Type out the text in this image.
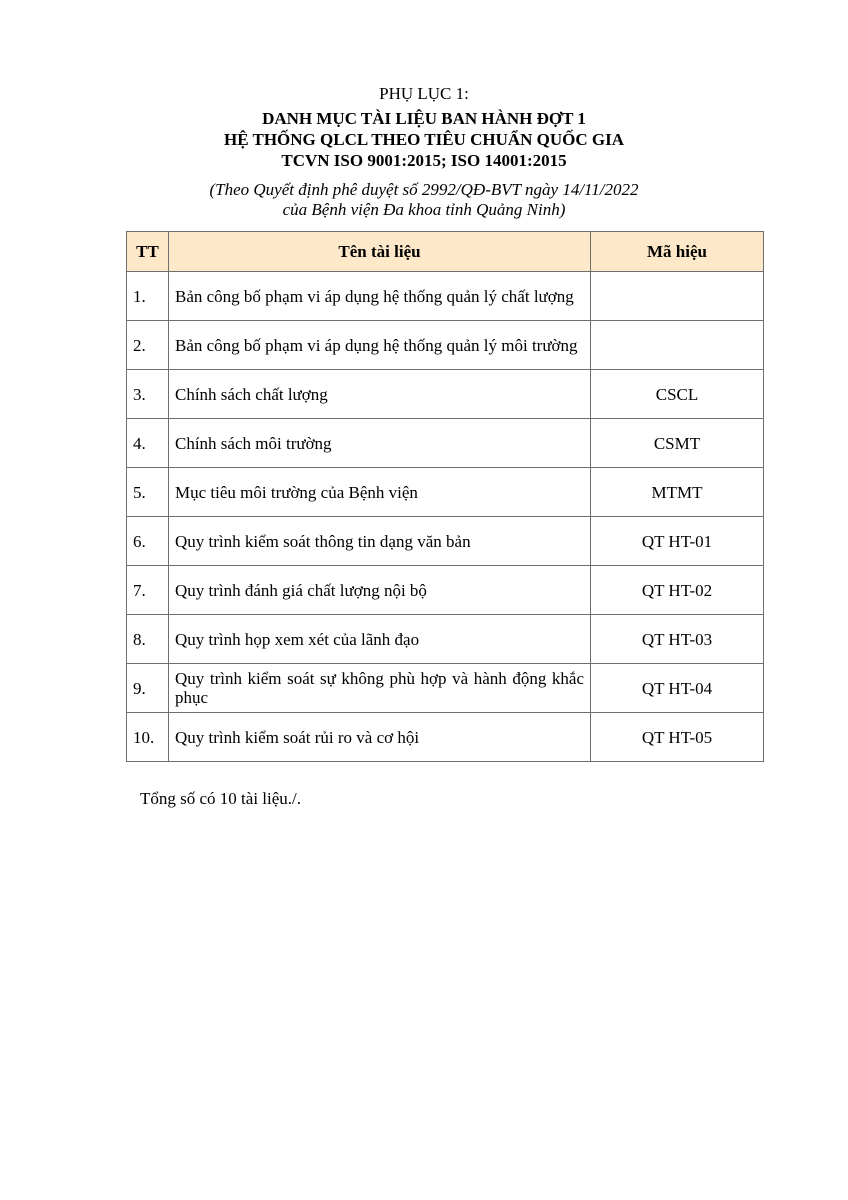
PHỤ LỤC 1:
DANH MỤC TÀI LIỆU BAN HÀNH ĐỢT 1
HỆ THỐNG QLCL THEO TIÊU CHUẨN QUỐC GIA
TCVN ISO 9001:2015; ISO 14001:2015
(Theo Quyết định phê duyệt số 2992/QĐ-BVT ngày 14/11/2022
của Bệnh viện Đa khoa tỉnh Quảng Ninh)
TT	Tên tài liệu	Mã hiệu
1.	Bản công bố phạm vi áp dụng hệ thống quản lý chất lượng	
2.	Bản công bố phạm vi áp dụng hệ thống quản lý môi trường	
3.	Chính sách chất lượng	CSCL
4.	Chính sách môi trường	CSMT
5.	Mục tiêu môi trường của Bệnh viện	MTMT
6.	Quy trình kiểm soát thông tin dạng văn bản	QT HT-01
7.	Quy trình đánh giá chất lượng nội bộ	QT HT-02
8.	Quy trình họp xem xét của lãnh đạo	QT HT-03
9.	Quy trình kiểm soát sự không phù hợp và hành động khắc phục	QT HT-04
10.	Quy trình kiểm soát rủi ro và cơ hội	QT HT-05
Tổng số có 10 tài liệu./.
